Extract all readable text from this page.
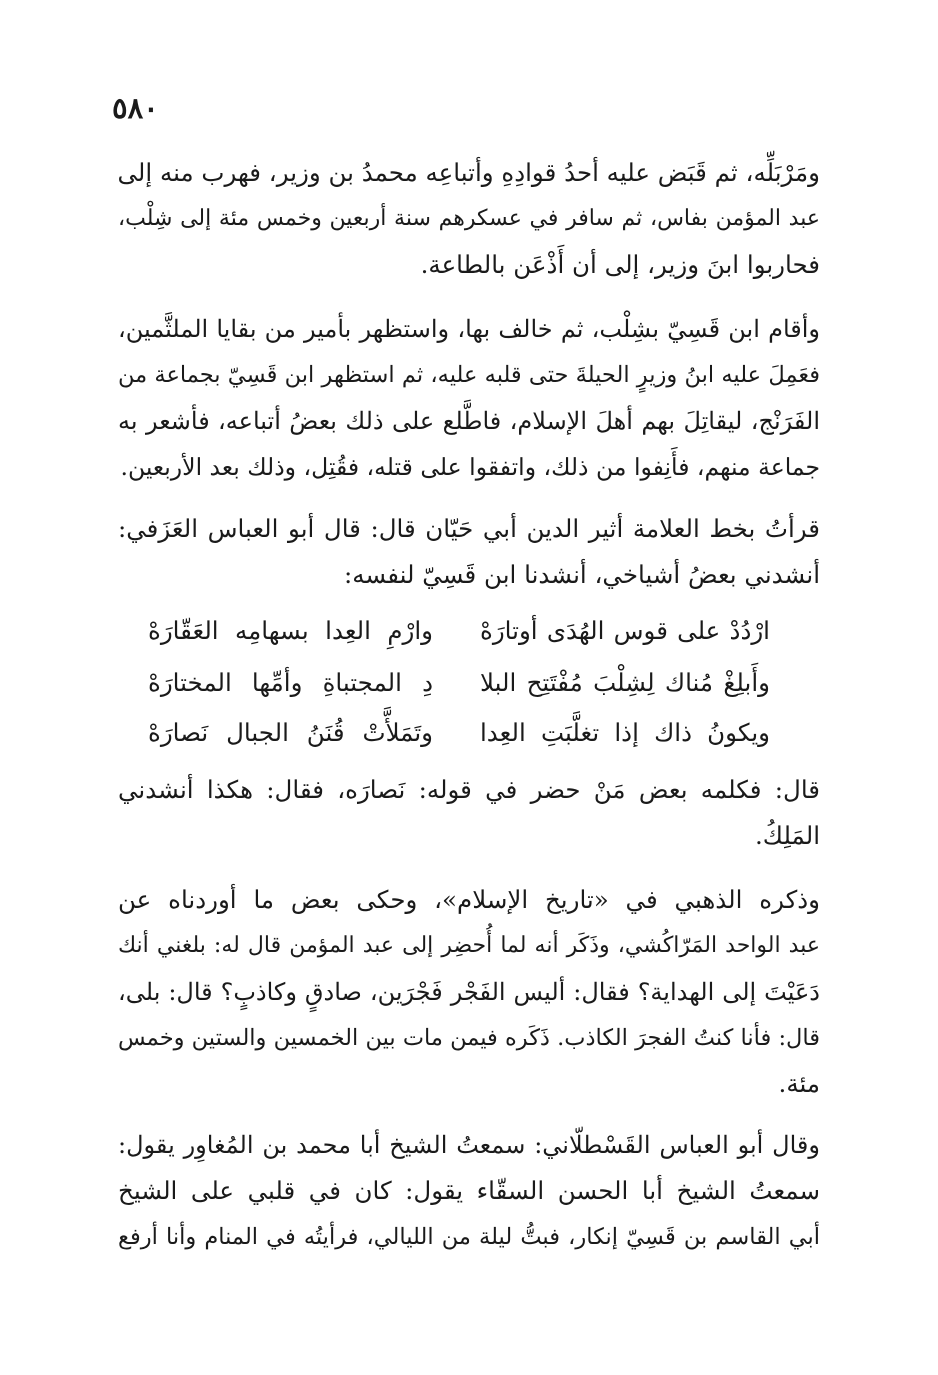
٥٨٠
ومَرْبَلِّه، ثم قَبَض عليه أحدُ قوادِهِ وأتباعِه محمدُ بن وزير، فهرب منه إلى
عبد المؤمن بفاس، ثم سافر في عسكرهم سنة أربعين وخمس مئة إلى شِلْب،
فحاربوا ابنَ وزير، إلى أن أَذْعَن بالطاعة.
وأقام ابن قَسِيّ بشِلْب، ثم خالف بها، واستظهر بأمير من بقايا الملثَّمين،
فعَمِلَ عليه ابنُ وزيرٍ الحيلةَ حتى قلبه عليه، ثم استظهر ابن قَسِيّ بجماعة من
الفَرَنْج، ليقاتِلَ بهم أهلَ الإسلام، فاطَّلع على ذلك بعضُ أتباعه، فأشعر به
جماعة منهم، فأَنِفوا من ذلك، واتفقوا على قتله، فقُتِل، وذلك بعد الأربعين.
قرأتُ بخط العلامة أثير الدين أبي حَيّان قال: قال أبو العباس العَزَفي:
أنشدني بعضُ أشياخي، أنشدنا ابن قَسِيّ لنفسه:
ارْدُدْ على قوس الهُدَى أوتارَهْ
وارْمِ العِدا بسهامِه العَقّارَهْ
وأَبلِغْ مُناك لِشِلْبَ مُفْتَتِح البلا
دِ المجتباةِ وأمِّها المختارَهْ
ويكونُ ذاك إذا تغلَّبَتِ العِدا
وتَمَلأَّتْ قُنَنُ الجبال نَصارَهْ
قال: فكلمه بعض مَنْ حضر في قوله: نَصارَه، فقال: هكذا أنشدني
المَلِكُ.
وذكره الذهبي في «تاريخ الإسلام»، وحكى بعض ما أوردناه عن
عبد الواحد المَرّاكُشي، وذَكَر أنه لما أُحضِر إلى عبد المؤمن قال له: بلغني أنك
دَعَيْتَ إلى الهداية؟ فقال: أليس الفَجْر فَجْرَين، صادقٍ وكاذبٍ؟ قال: بلى،
قال: فأنا كنتُ الفجرَ الكاذب. ذَكَره فيمن مات بين الخمسين والستين وخمس
مئة.
وقال أبو العباس القَسْطلّاني: سمعتُ الشيخ أبا محمد بن المُغاوِر يقول:
سمعتُ الشيخ أبا الحسن السقّاء يقول: كان في قلبي على الشيخ
أبي القاسم بن قَسِيّ إنكار، فبتُّ ليلة من الليالي، فرأيتُه في المنام وأنا أرفع
